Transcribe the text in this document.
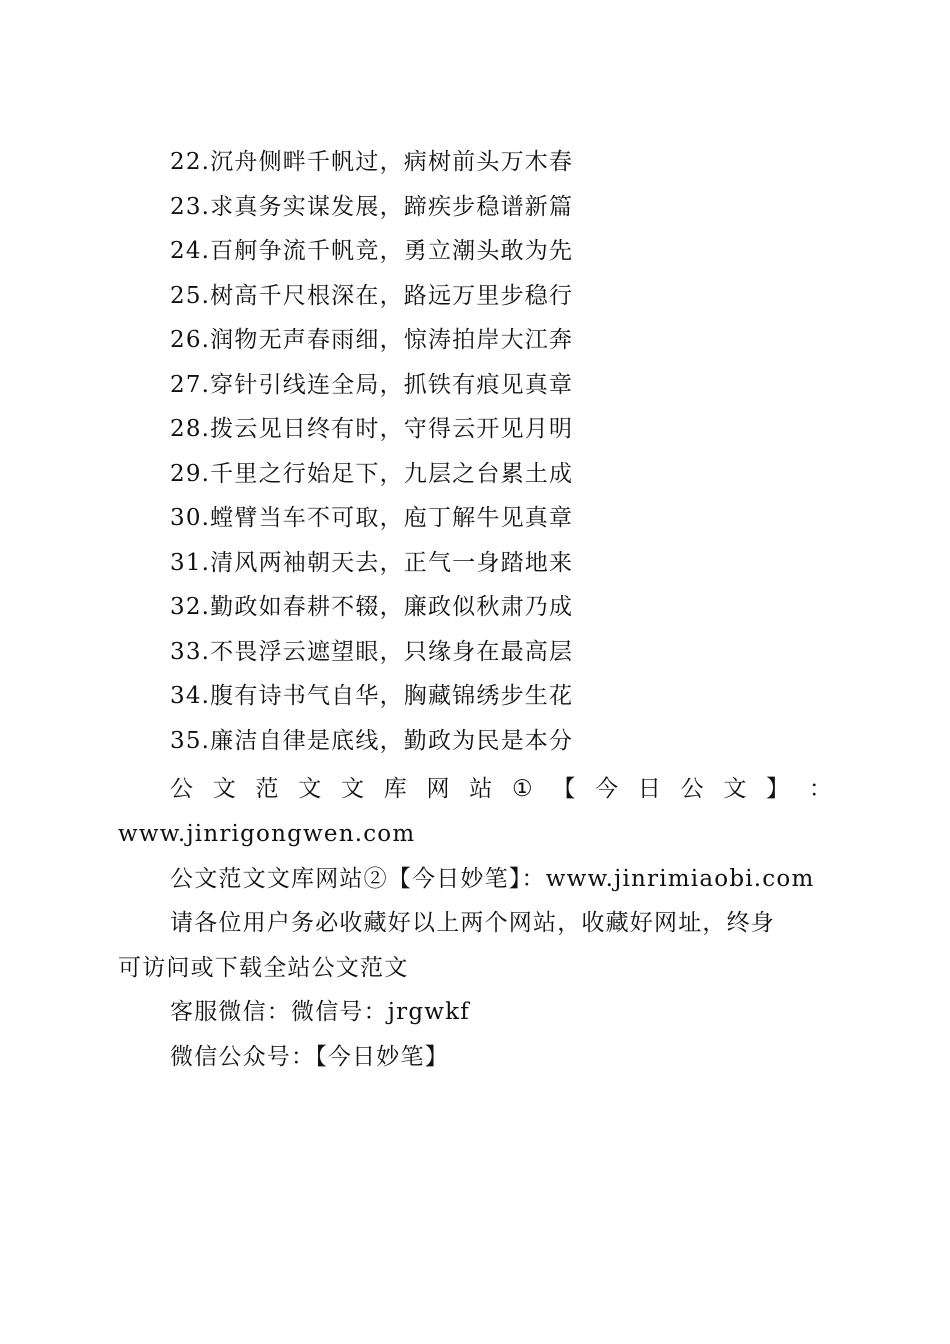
22.沉舟侧畔千帆过，病树前头万木春
23.求真务实谋发展，蹄疾步稳谱新篇
24.百舸争流千帆竞，勇立潮头敢为先
25.树高千尺根深在，路远万里步稳行
26.润物无声春雨细，惊涛拍岸大江奔
27.穿针引线连全局，抓铁有痕见真章
28.拨云见日终有时，守得云开见月明
29.千里之行始足下，九层之台累土成
30.螳臂当车不可取，庖丁解牛见真章
31.清风两袖朝天去，正气一身踏地来
32.勤政如春耕不辍，廉政似秋肃乃成
33.不畏浮云遮望眼，只缘身在最高层
34.腹有诗书气自华，胸藏锦绣步生花
35.廉洁自律是底线，勤政为民是本分
公 文 范 文 文 库 网 站 ① 【 今 日 公 文 】 ：
www.jinrigongwen.com
公文范文文库网站②【今日妙笔】：www.jinrimiaobi.com
请各位用户务必收藏好以上两个网站，收藏好网址，终身
可访问或下载全站公文范文
客服微信：微信号：jrgwkf
微信公众号：【今日妙笔】
